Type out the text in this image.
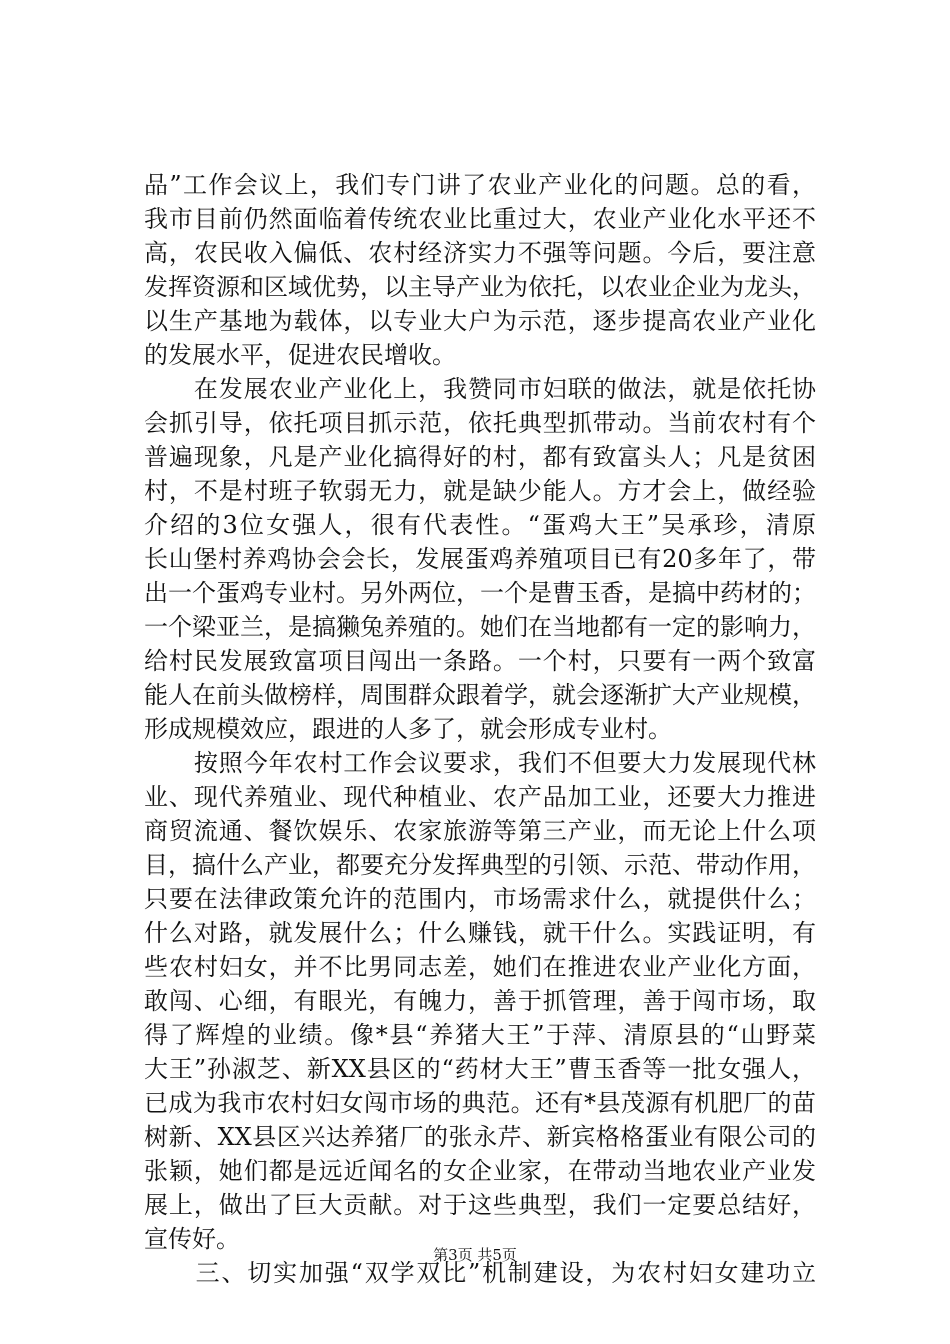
品”工作会议上，我们专门讲了农业产业化的问题。总的看，
我市目前仍然面临着传统农业比重过大，农业产业化水平还不
高，农民收入偏低、农村经济实力不强等问题。今后，要注意
发挥资源和区域优势，以主导产业为依托，以农业企业为龙头，
以生产基地为载体，以专业大户为示范，逐步提高农业产业化
的发展水平，促进农民增收。
　　在发展农业产业化上，我赞同市妇联的做法，就是依托协
会抓引导，依托项目抓示范，依托典型抓带动。当前农村有个
普遍现象，凡是产业化搞得好的村，都有致富头人；凡是贫困
村，不是村班子软弱无力，就是缺少能人。方才会上，做经验
介绍的3位女强人，很有代表性。“蛋鸡大王”吴承珍，清原
长山堡村养鸡协会会长，发展蛋鸡养殖项目已有20多年了，带
出一个蛋鸡专业村。另外两位，一个是曹玉香，是搞中药材的；
一个梁亚兰，是搞獭兔养殖的。她们在当地都有一定的影响力，
给村民发展致富项目闯出一条路。一个村，只要有一两个致富
能人在前头做榜样，周围群众跟着学，就会逐渐扩大产业规模，
形成规模效应，跟进的人多了，就会形成专业村。
　　按照今年农村工作会议要求，我们不但要大力发展现代林
业、现代养殖业、现代种植业、农产品加工业，还要大力推进
商贸流通、餐饮娱乐、农家旅游等第三产业，而无论上什么项
目，搞什么产业，都要充分发挥典型的引领、示范、带动作用，
只要在法律政策允许的范围内，市场需求什么，就提供什么；
什么对路，就发展什么；什么赚钱，就干什么。实践证明，有
些农村妇女，并不比男同志差，她们在推进农业产业化方面，
敢闯、心细，有眼光，有魄力，善于抓管理，善于闯市场，取
得了辉煌的业绩。像*县“养猪大王”于萍、清原县的“山野菜
大王”孙淑芝、新XX县区的“药材大王”曹玉香等一批女强人，
已成为我市农村妇女闯市场的典范。还有*县茂源有机肥厂的苗
树新、XX县区兴达养猪厂的张永芹、新宾格格蛋业有限公司的
张颖，她们都是远近闻名的女企业家，在带动当地农业产业发
展上，做出了巨大贡献。对于这些典型，我们一定要总结好，
宣传好。
　　三、切实加强“双学双比”机制建设，为农村妇女建功立
第3页 共5页
